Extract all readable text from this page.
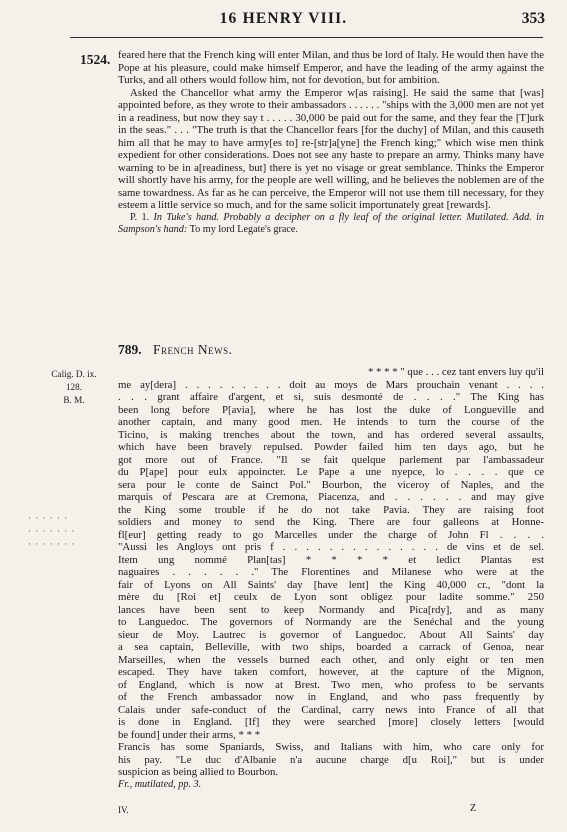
16 HENRY VIII.	353
1524. feared here that the French king will enter Milan, and thus be lord of Italy. He would then have the Pope at his pleasure, could make himself Emperor, and have the leading of the army against the Turks, and all others would follow him, not for devotion, but for ambition.

Asked the Chancellor what army the Emperor w[as raising]. He said the same that [was] appointed before, as they wrote to their ambassadors . . . . . . "ships with the 3,000 men are not yet in a readiness, but now they say t . . . . . 30,000 be paid out for the same, and they fear the [T]urk in the seas." . . . "The truth is that the Chancellor fears [for the duchy] of Milan, and this causeth him all that he may to have army[es to] re-[str]a[yne] the French king;" which wise men think expedient for other considerations. Does not see any haste to prepare an army. Thinks many have warning to be in a[readiness, but] there is yet no visage or great semblance. Thinks the Emperor will shortly have his army, for the people are well willing, and he believes the noblemen are of the same towardness. As far as he can perceive, the Emperor will not use them till necessary, for they esteem a little service so much, and for the same solicit importunately great [rewards].

P. 1. In Tuke's hand. Probably a decipher on a fly leaf of the original letter. Mutilated. Add. in Sampson's hand: To my lord Legate's grace.

789. French News.
Calig. D. ix.
128.
B. M.
· · · · · ·
· · · · · · ·
· · · · · · ·
* * * * " que . . . cez tant envers luy qu'il
me ay[dera] . . . . . . . . . doit au moys de Mars prouchain venant . . . .
. . . grant affaire d'argent, et si, suis desmonté de . . . ." The King has
been long before P[avia], where he has lost the duke of Longueville and
another captain, and many good men. He intends to turn the course of the
Ticino, is making trenches about the town, and has ordered several assaults,
which have been bravely repulsed. Powder failed him ten days ago, but he
got more out of France. "Il se fait quelque parlement par l'ambassadeur
du P[ape] pour eulx appoincter. Le Pape a une nyepce, lo . . . . que ce
sera pour le conte de Sainct Pol." Bourbon, the viceroy of Naples, and the
marquis of Pescara are at Cremona, Piacenza, and . . . . . . and may give
the King some trouble if he do not take Pavia. They are raising foot
soldiers and money to send the King. There are four galleons at Honne-
fl[eur] getting ready to go Marcelles under the charge of John Fl . . . .
"Aussi les Angloys ont pris f . . . . . . . . . . . . . . de vins et de sel.
Item ung nommé Plan[tas] * * * * et ledict Plantas est
naguaires . . . . . ." The Florentines and Milanese who were at the
fair of Lyons on All Saints' day [have lent] the King 40,000 cr., "dont la
mère du [Roi et] ceulx de Lyon sont obligez pour ladite somme." 250
lances have been sent to keep Normandy and Pica[rdy], and as many
to Languedoc. The governors of Normandy are the Senéchal and the young
sieur de Moy. Lautrec is governor of Languedoc. About All Saints' day
a sea captain, Belleville, with two ships, boarded a carrack of Genoa, near
Marseilles, when the vessels burned each other, and only eight or ten men
escaped. They have taken comfort, however, at the capture of the Mignon,
of England, which is now at Brest. Two men, who profess to be servants
of the French ambassador now in England, and who pass frequently by
Calais under safe-conduct of the Cardinal, carry news into France of all that
is done in England. [If] they were searched [more] closely letters [would
be found] under their arms, * * *
Francis has some Spaniards, Swiss, and Italians with him, who care only for
his pay. "Le duc d'Albanie n'a aucune charge d[u Roi]," but is under
suspicion as being allied to Bourbon.
Fr., mutilated, pp. 3.
IV.	Z
